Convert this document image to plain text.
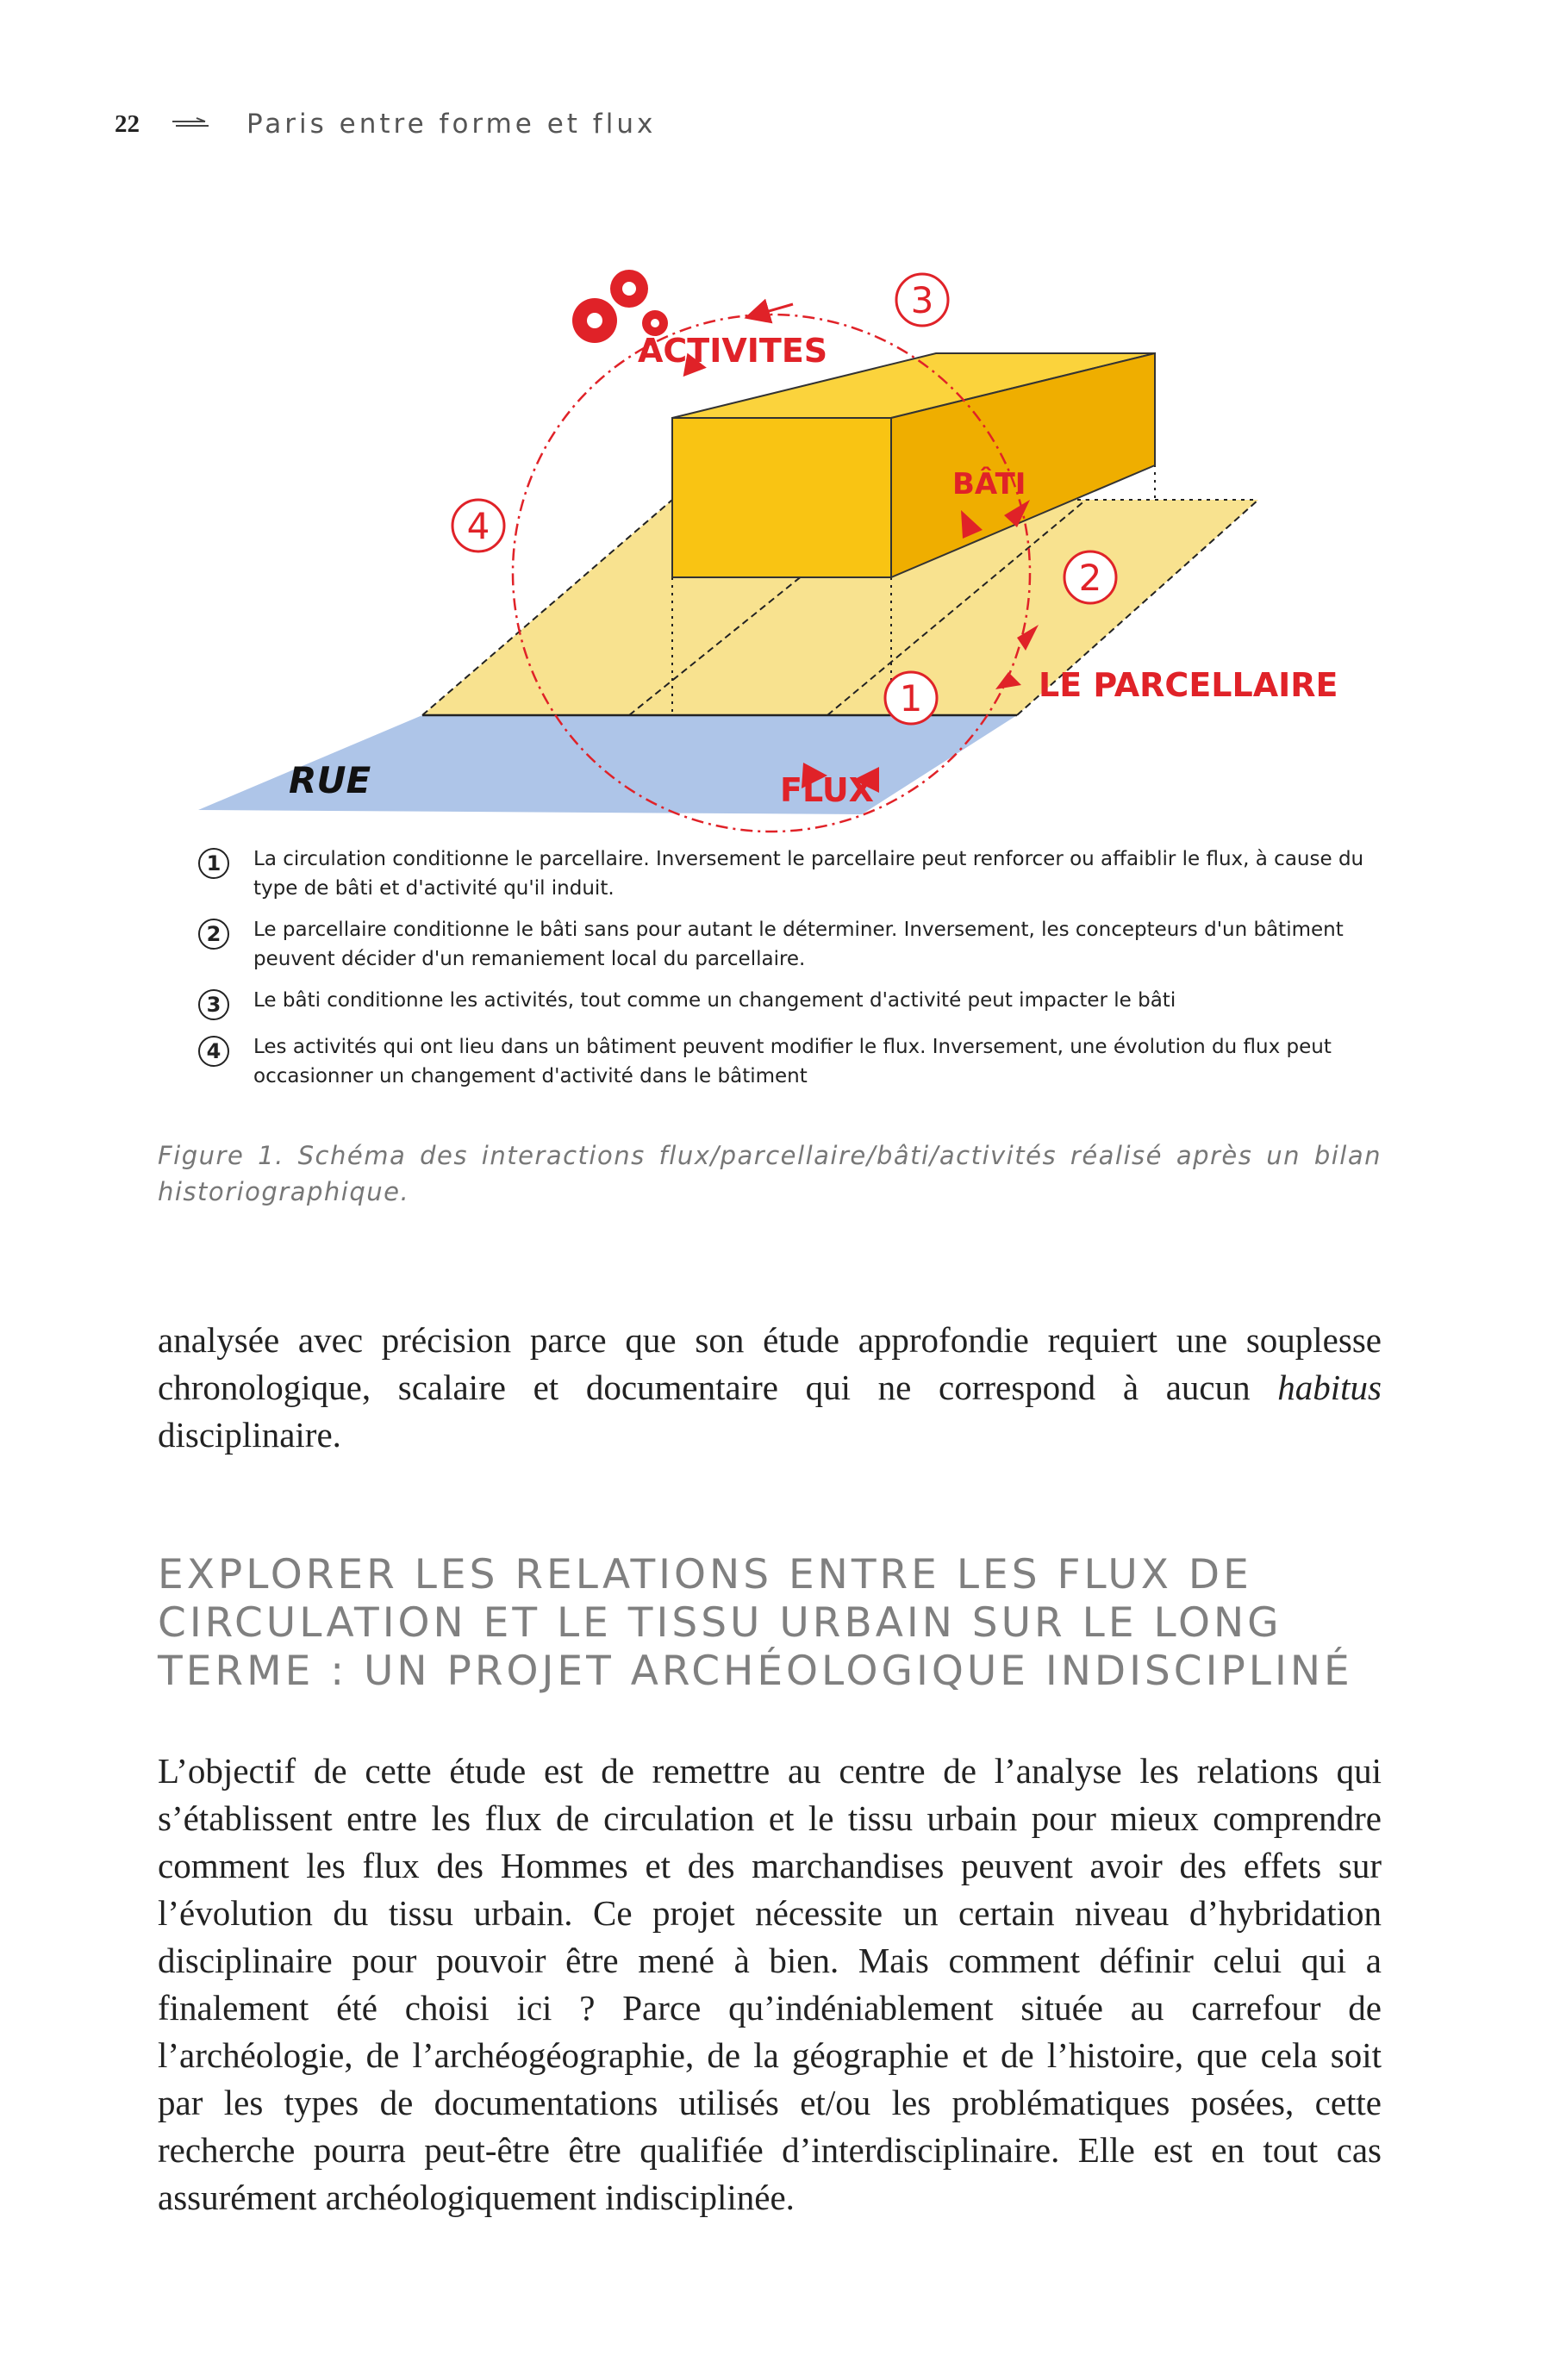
22	Paris entre forme et flux
ACTIVITES
BÂTI
LE PARCELLAIRE
FLUX
RUE
3
4
2
1
1	La circulation conditionne le parcellaire. Inversement le parcellaire peut renforcer ou affaiblir le flux, à cause du type de bâti et d'activité qu'il induit.
2	Le parcellaire conditionne le bâti sans pour autant le déterminer. Inversement, les concepteurs d'un bâtiment peuvent décider d'un remaniement local du parcellaire.
3	Le bâti conditionne les activités, tout comme un changement d'activité peut impacter le bâti
4	Les activités qui ont lieu dans un bâtiment peuvent modifier le flux. Inversement, une évolution du flux peut occasionner un changement d'activité dans le bâtiment
Figure 1. Schéma des interactions flux/parcellaire/bâti/activités réalisé après un bilan historiographique.
analysée avec précision parce que son étude approfondie requiert une souplesse chronologique, scalaire et documentaire qui ne correspond à aucun habitus disciplinaire.
EXPLORER LES RELATIONS ENTRE LES FLUX DE CIRCULATION ET LE TISSU URBAIN SUR LE LONG TERME : UN PROJET ARCHÉOLOGIQUE INDISCIPLINÉ
L’objectif de cette étude est de remettre au centre de l’analyse les relations qui s’établissent entre les flux de circulation et le tissu urbain pour mieux comprendre comment les flux des Hommes et des marchandises peuvent avoir des effets sur l’évolution du tissu urbain. Ce projet nécessite un certain niveau d’hybridation disciplinaire pour pouvoir être mené à bien. Mais comment définir celui qui a finalement été choisi ici ? Parce qu’indéniablement située au carrefour de l’archéologie, de l’archéogéographie, de la géographie et de l’histoire, que cela soit par les types de documentations utilisés et/ou les problématiques posées, cette recherche pourra peut-être être qualifiée d’interdisciplinaire. Elle est en tout cas assurément archéologiquement indisciplinée.
